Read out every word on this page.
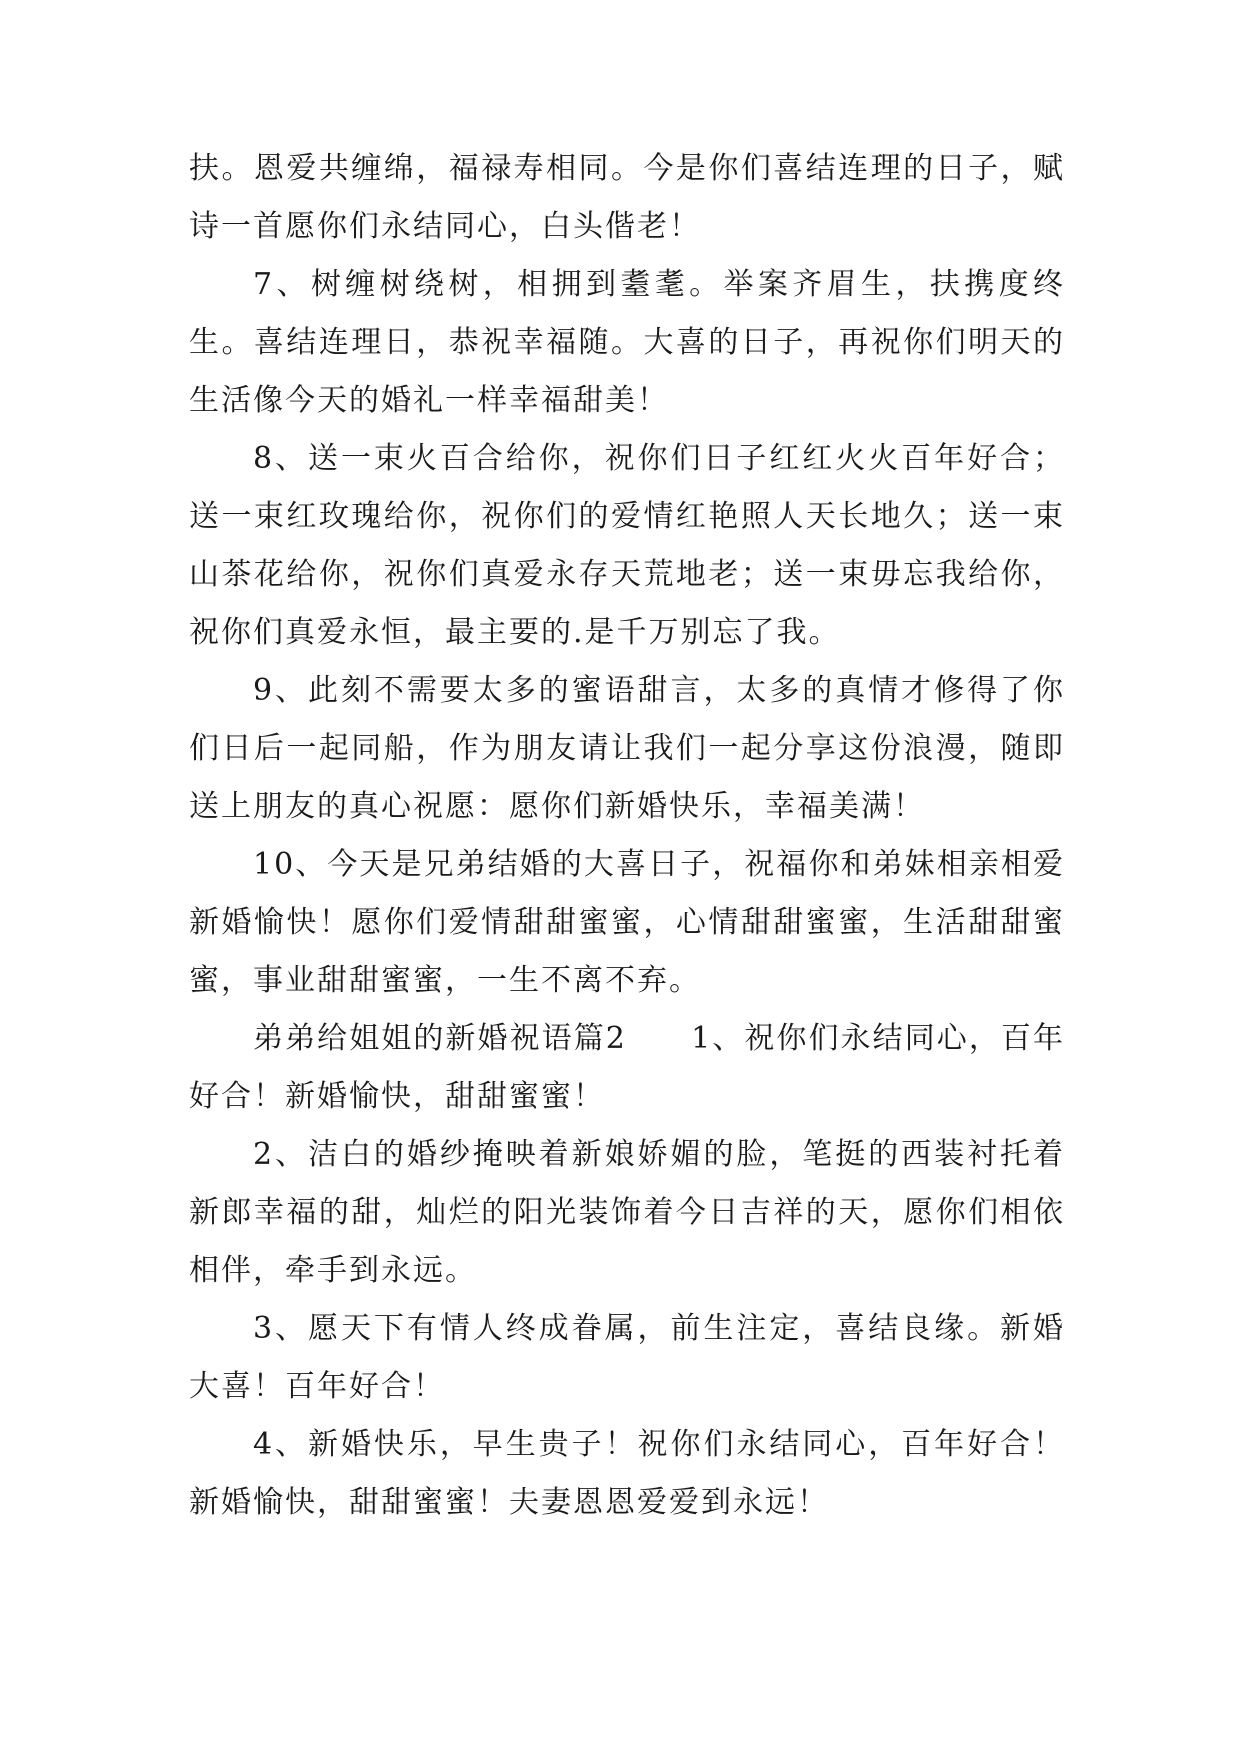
扶。恩爱共缠绵，福禄寿相同。今是你们喜结连理的日子，赋诗一首愿你们永结同心，白头偕老！

7、树缠树绕树，相拥到耋耄。举案齐眉生，扶携度终生。喜结连理日，恭祝幸福随。大喜的日子，再祝你们明天的生活像今天的婚礼一样幸福甜美！

8、送一束火百合给你，祝你们日子红红火火百年好合；送一束红玫瑰给你，祝你们的爱情红艳照人天长地久；送一束山茶花给你，祝你们真爱永存天荒地老；送一束毋忘我给你，祝你们真爱永恒，最主要的.是千万别忘了我。

9、此刻不需要太多的蜜语甜言，太多的真情才修得了你们日后一起同船，作为朋友请让我们一起分享这份浪漫，随即送上朋友的真心祝愿：愿你们新婚快乐，幸福美满！

10、今天是兄弟结婚的大喜日子，祝福你和弟妹相亲相爱新婚愉快！愿你们爱情甜甜蜜蜜，心情甜甜蜜蜜，生活甜甜蜜蜜，事业甜甜蜜蜜，一生不离不弃。

弟弟给姐姐的新婚祝语篇2　　1、祝你们永结同心，百年好合！新婚愉快，甜甜蜜蜜！

2、洁白的婚纱掩映着新娘娇媚的脸，笔挺的西装衬托着新郎幸福的甜，灿烂的阳光装饰着今日吉祥的天，愿你们相依相伴，牵手到永远。

3、愿天下有情人终成眷属，前生注定，喜结良缘。新婚大喜！百年好合！

4、新婚快乐，早生贵子！祝你们永结同心，百年好合！新婚愉快，甜甜蜜蜜！夫妻恩恩爱爱到永远！
